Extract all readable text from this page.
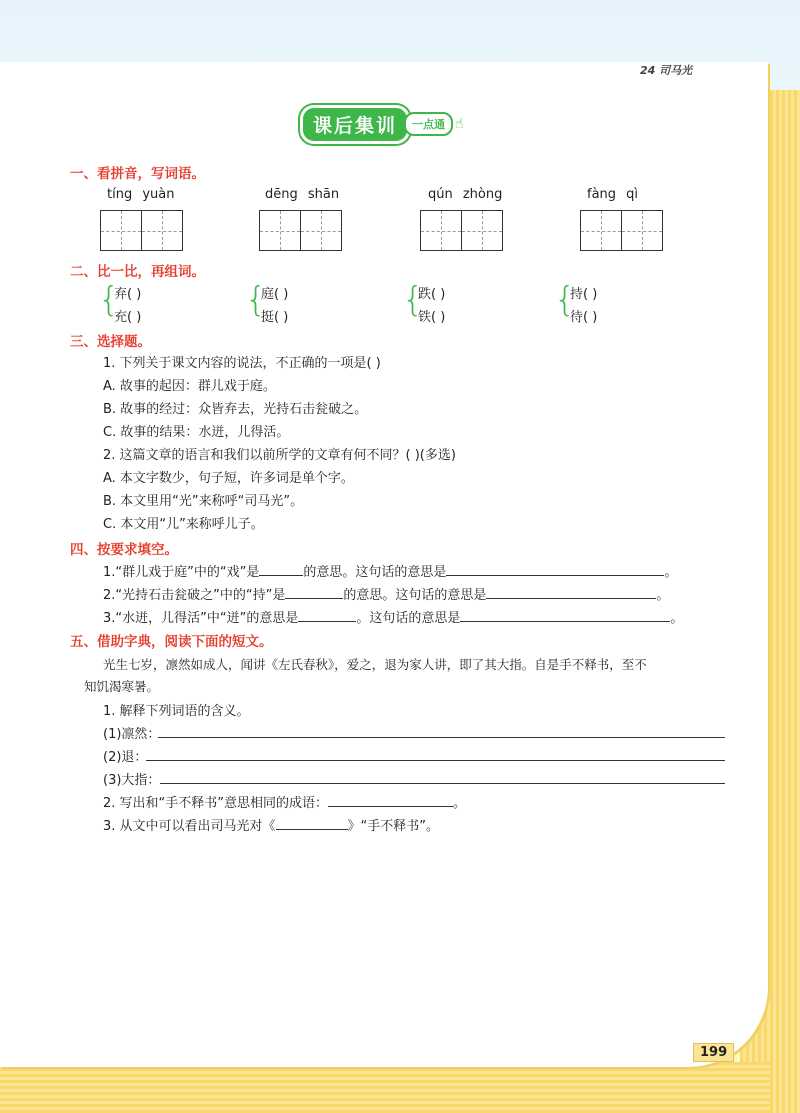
24 司马光
课后集训	一点通 ☝
一、看拼音，写词语。
tíng yuàn	dēng shān	qún zhòng	fàng qì
二、比一比，再组词。
{
弃( )
充( )	{
庭( )
挺( )	{
跌( )
铁( )	{
持( )
待( )
三、选择题。
1. 下列关于课文内容的说法，不正确的一项是( )
A. 故事的起因：群儿戏于庭。
B. 故事的经过：众皆弃去，光持石击瓮破之。
C. 故事的结果：水迸，儿得活。
2. 这篇文章的语言和我们以前所学的文章有何不同？( )(多选)
A. 本文字数少，句子短，许多词是单个字。
B. 本文里用“光”来称呼“司马光”。
C. 本文用“儿”来称呼儿子。
四、按要求填空。
1.“群儿戏于庭”中的“戏”是	的意思。这句话的意思是	。
2.“光持石击瓮破之”中的“持”是	的意思。这句话的意思是	。
3.“水迸，儿得活”中“迸”的意思是	。这句话的意思是	。
五、借助字典，阅读下面的短文。
光生七岁，凛然如成人，闻讲《左氏春秋》，爱之，退为家人讲，即了其大指。自是手不释书，至不
知饥渴寒暑。
1. 解释下列词语的含义。
(1)凛然：
(2)退：
(3)大指：
2. 写出和“手不释书”意思相同的成语：	。
3. 从文中可以看出司马光对《	》“手不释书”。
199
